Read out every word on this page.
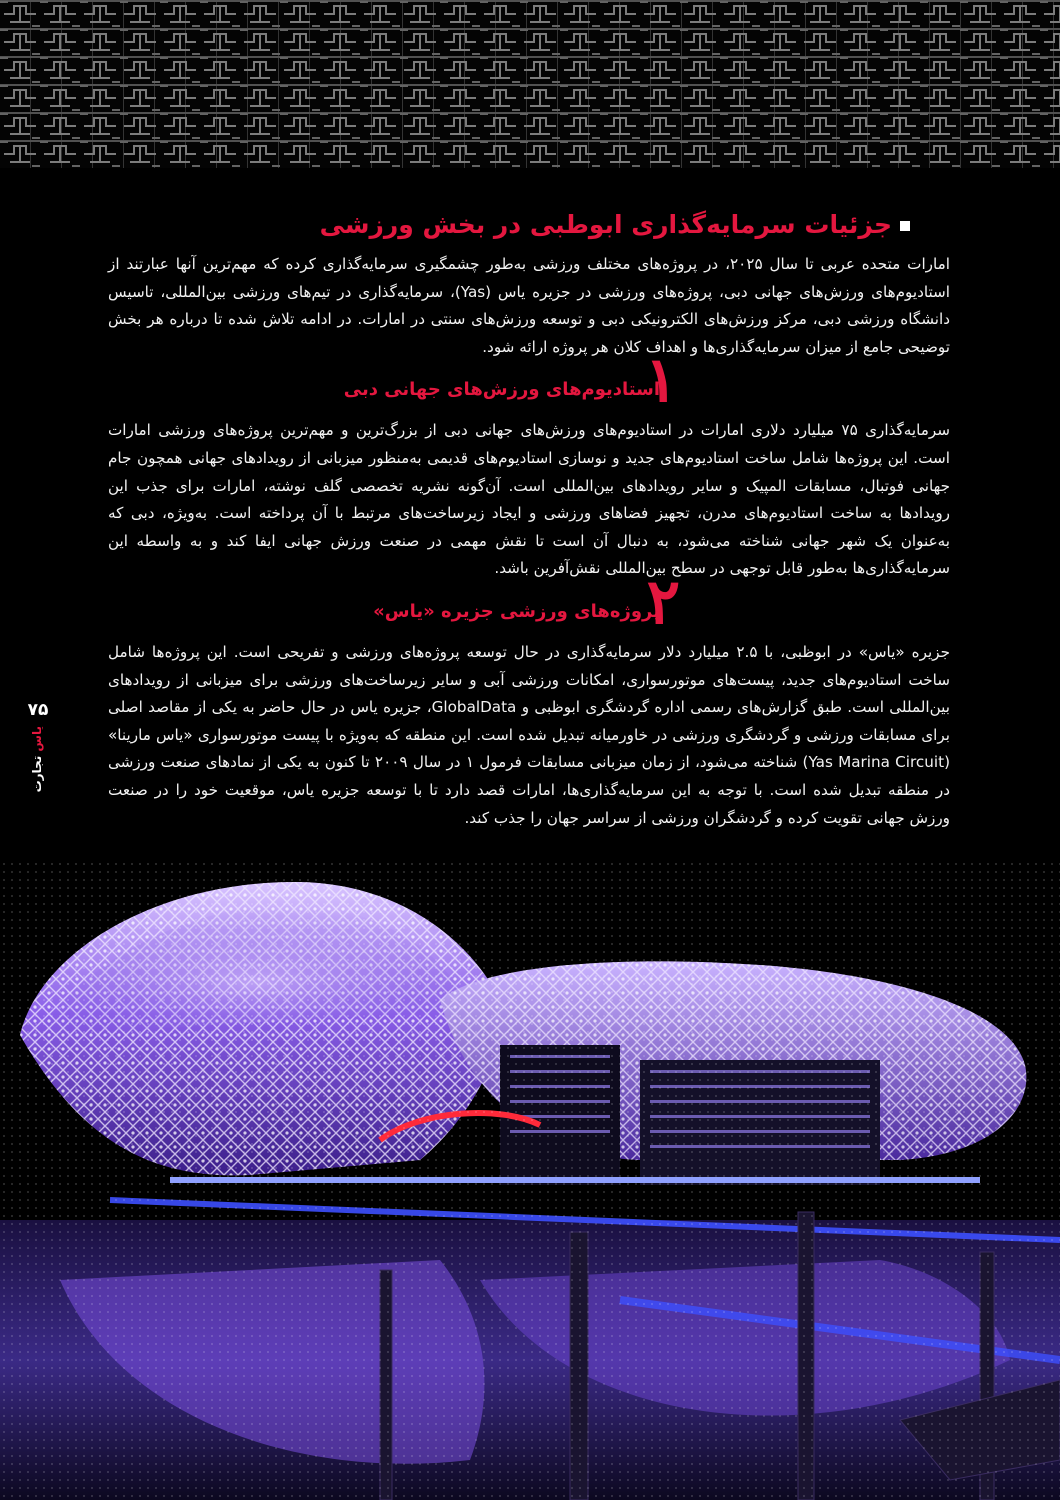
۷۵
یاس تجارت
جزئیات سرمایه‌گذاری ابوطبی در بخش ورزشی

امارات متحده عربی تا سال ۲۰۲۵، در پروژه‌های مختلف ورزشی به‌طور چشمگیری سرمایه‌گذاری کرده که مهم‌ترین آنها عبارتند از استادیوم‌های ورزش‌های جهانی دبی، پروژه‌های ورزشی در جزیره یاس (Yas)، سرمایه‌گذاری در تیم‌های ورزشی بین‌المللی، تاسیس دانشگاه ورزشی دبی، مرکز ورزش‌های الکترونیکی دبی و توسعه ورزش‌های سنتی در امارات. در ادامه تلاش شده تا درباره هر بخش توضیحی جامع از میزان سرمایه‌گذاری‌ها و اهداف کلان هر پروژه ارائه شود.

۱
استادیوم‌های ورزش‌های جهانی دبی

سرمایه‌گذاری ۷۵ میلیارد دلاری امارات در استادیوم‌های ورزش‌های جهانی دبی از بزرگ‌ترین و مهم‌ترین پروژه‌های ورزشی امارات است. این پروژه‌ها شامل ساخت استادیوم‌های جدید و نوسازی استادیوم‌های قدیمی به‌منظور میزبانی از رویدادهای جهانی همچون جام جهانی فوتبال، مسابقات المپیک و سایر رویدادهای بین‌المللی است. آن‌گونه نشریه تخصصی گلف نوشته، امارات برای جذب این رویدادها به ساخت استادیوم‌های مدرن، تجهیز فضاهای ورزشی و ایجاد زیرساخت‌های مرتبط با آن پرداخته است. به‌ویژه، دبی که به‌عنوان یک شهر جهانی شناخته می‌شود، به دنبال آن است تا نقش مهمی در صنعت ورزش جهانی ایفا کند و به واسطه این سرمایه‌گذاری‌ها به‌طور قابل توجهی در سطح بین‌المللی نقش‌آفرین باشد.

۲
پروژه‌های ورزشی جزیره «یاس»

جزیره «یاس» در ابوظبی، با ۲.۵ میلیارد دلار سرمایه‌گذاری در حال توسعه پروژه‌های ورزشی و تفریحی است. این پروژه‌ها شامل ساخت استادیوم‌های جدید، پیست‌های موتورسواری، امکانات ورزشی آبی و سایر زیرساخت‌های ورزشی برای میزبانی از رویدادهای بین‌المللی است. طبق گزارش‌های رسمی اداره گردشگری ابوظبی و GlobalData، جزیره یاس در حال حاضر به یکی از مقاصد اصلی برای مسابقات ورزشی و گردشگری ورزشی در خاورمیانه تبدیل شده است. این منطقه که به‌ویژه با پیست موتورسواری «یاس مارینا» (Yas Marina Circuit) شناخته می‌شود، از زمان میزبانی مسابقات فرمول ۱ در سال ۲۰۰۹ تا کنون به یکی از نمادهای صنعت ورزشی در منطقه تبدیل شده است. با توجه به این سرمایه‌گذاری‌ها، امارات قصد دارد تا با توسعه جزیره یاس، موقعیت خود را در صنعت ورزش جهانی تقویت کرده و گردشگران ورزشی از سراسر جهان را جذب کند.
